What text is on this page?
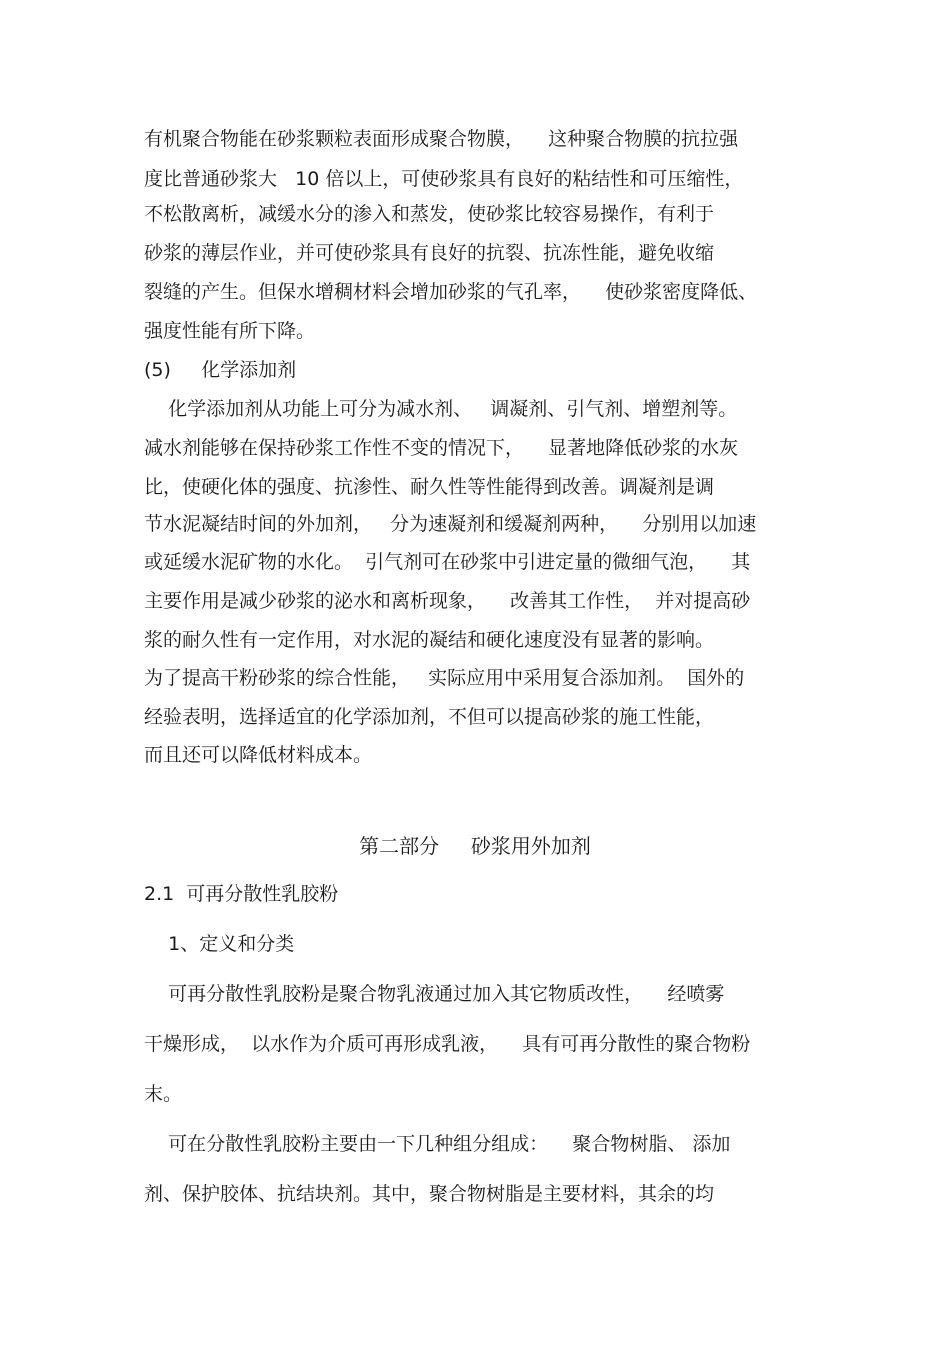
有机聚合物能在砂浆颗粒表面形成聚合物膜，    这种聚合物膜的抗拉强
度比普通砂浆大   10 倍以上，可使砂浆具有良好的粘结性和可压缩性，
不松散离析，减缓水分的渗入和蒸发，使砂浆比较容易操作，有利于
砂浆的薄层作业，并可使砂浆具有良好的抗裂、抗冻性能，避免收缩
裂缝的产生。但保水增稠材料会增加砂浆的气孔率，    使砂浆密度降低、
强度性能有所下降。
(5)     化学添加剂
化学添加剂从功能上可分为减水剂、   调凝剂、引气剂、增塑剂等。
减水剂能够在保持砂浆工作性不变的情况下，    显著地降低砂浆的水灰
比，使硬化体的强度、抗渗性、耐久性等性能得到改善。调凝剂是调
节水泥凝结时间的外加剂，   分为速凝剂和缓凝剂两种，    分别用以加速
或延缓水泥矿物的水化。  引气剂可在砂浆中引进定量的微细气泡，    其
主要作用是减少砂浆的泌水和离析现象，    改善其工作性，  并对提高砂
浆的耐久性有一定作用，对水泥的凝结和硬化速度没有显著的影响。
为了提高干粉砂浆的综合性能，   实际应用中采用复合添加剂。  国外的
经验表明，选择适宜的化学添加剂，不但可以提高砂浆的施工性能，
而且还可以降低材料成本。
第二部分     砂浆用外加剂
2.1  可再分散性乳胶粉
1、定义和分类
可再分散性乳胶粉是聚合物乳液通过加入其它物质改性，    经喷雾
干燥形成，  以水作为介质可再形成乳液，    具有可再分散性的聚合物粉
末。
可在分散性乳胶粉主要由一下几种组分组成：    聚合物树脂、 添加
剂、保护胶体、抗结块剂。其中，聚合物树脂是主要材料，其余的均
